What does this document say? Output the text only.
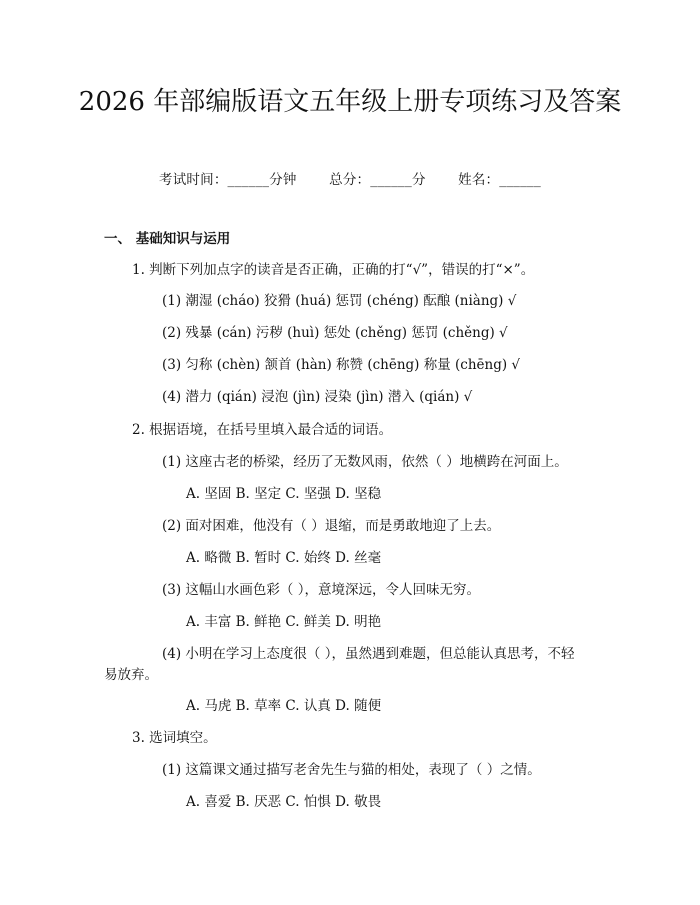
2026 年部编版语文五年级上册专项练习及答案
考试时间：______分钟 总分：______分 姓名：______
一、 基础知识与运用
1. 判断下列加点字的读音是否正确，正确的打“√”，错误的打“×”。
(1) 潮湿 (cháo) 狡猾 (huá) 惩罚 (chéng) 酝酿 (niàng) √
(2) 残暴 (cán) 污秽 (huì) 惩处 (chěng) 惩罚 (chěng) √
(3) 匀称 (chèn) 颔首 (hàn) 称赞 (chēng) 称量 (chēng) √
(4) 潜力 (qián) 浸泡 (jìn) 浸染 (jìn) 潜入 (qián) √
2. 根据语境，在括号里填入最合适的词语。
(1) 这座古老的桥梁，经历了无数风雨，依然（ ）地横跨在河面上。
A. 坚固 B. 坚定 C. 坚强 D. 坚稳
(2) 面对困难，他没有（ ）退缩，而是勇敢地迎了上去。
A. 略微 B. 暂时 C. 始终 D. 丝毫
(3) 这幅山水画色彩（ ），意境深远，令人回味无穷。
A. 丰富 B. 鲜艳 C. 鲜美 D. 明艳
(4) 小明在学习上态度很（ ），虽然遇到难题，但总能认真思考，不轻
易放弃。
A. 马虎 B. 草率 C. 认真 D. 随便
3. 选词填空。
(1) 这篇课文通过描写老舍先生与猫的相处，表现了（ ）之情。
A. 喜爱 B. 厌恶 C. 怕惧 D. 敬畏
